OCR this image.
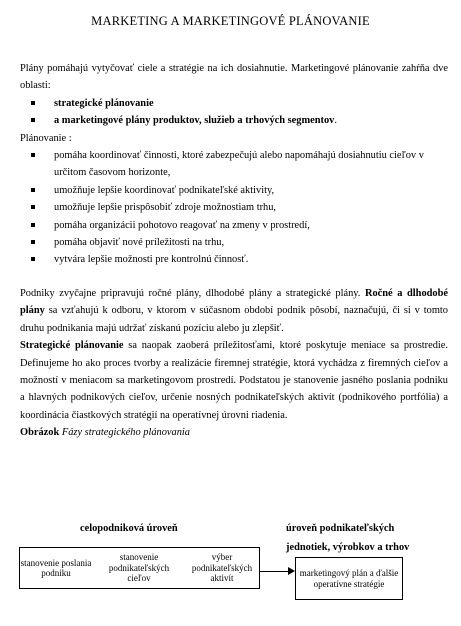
MARKETING A MARKETINGOVÉ PLÁNOVANIE

Plány pomáhajú vytyčovať ciele a stratégie na ich dosiahnutie. Marketingové plánovanie zahŕňa dve oblasti:

strategické plánovanie
a marketingové plány produktov, služieb a trhových segmentov.

Plánovanie :

pomáha koordinovať činnosti, ktoré zabezpečujú alebo napomáhajú dosiahnutiu cieľov v určitom časovom horizonte,
umožňuje lepšie koordinovať podnikateľské aktivity,
umožňuje lepšie prispôsobiť zdroje možnostiam trhu,
pomáha organizácii pohotovo reagovať na zmeny v prostredí,
pomáha objaviť nové príležitosti na trhu,
vytvára lepšie možnosti pre kontrolnú činnosť.

Podniky zvyčajne pripravujú ročné plány, dlhodobé plány a strategické plány. Ročné a dlhodobé plány sa vzťahujú k odboru, v ktorom v súčasnom období podnik pôsobí, naznačujú, či si v tomto druhu podnikania majú udržať získanú pozíciu alebo ju zlepšiť.

Strategické plánovanie sa naopak zaoberá príležitosťami, ktoré poskytuje meniace sa prostredie. Definujeme ho ako proces tvorby a realizácie firemnej stratégie, ktorá vychádza z firemných cieľov a možností v meniacom sa marketingovom prostredí. Podstatou je stanovenie jasného poslania podniku a hlavných podnikových cieľov, určenie nosných podnikateľských aktivít (podnikového portfólia) a koordinácia čiastkových stratégií na operatívnej úrovni riadenia.

Obrázok Fázy strategického plánovania

celopodniková úroveň	úroveň podnikateľských
jednotiek, výrobkov a trhov
stanovenie poslania podniku
stanovenie podnikateľských cieľov
výber podnikateľských aktivít
marketingový plán a ďalšie operatívne stratégie
